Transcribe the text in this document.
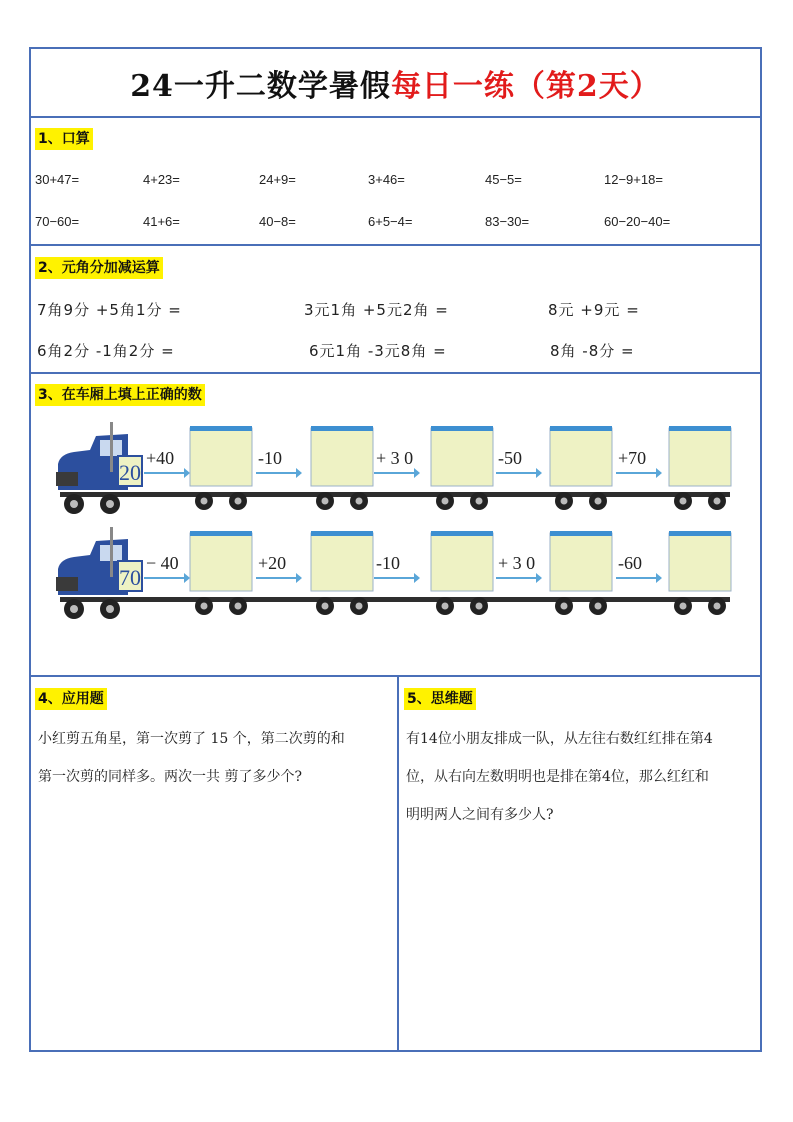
24一升二数学暑假 每日一练（第2天）
1、口算
30+47=	4+23=	24+9=	3+46=	45−5=	12−9+18=
70−60=	41+6=	40−8=	6+5−4=	83−30=	60−20−40=
2、元角分加减运算
7角9分 +5角1分 =	3元1角 +5元2角 =	8元 +9元 =
6角2分 -1角2分 =	6元1角 -3元8角 =	8角 -8分 =
3、在车厢上填上正确的数
20
+40	-10	+ 3 0	-50	+70
70
− 40	+20	-10	+ 3 0	-60
4、应用题
小红剪五角星，第一次剪了 15 个，第二次剪的和
第一次剪的同样多。两次一共 剪了多少个?
5、思维题
有14位小朋友排成一队，从左往右数红红排在第4
位，从右向左数明明也是排在第4位，那么红红和
明明两人之间有多少人?
